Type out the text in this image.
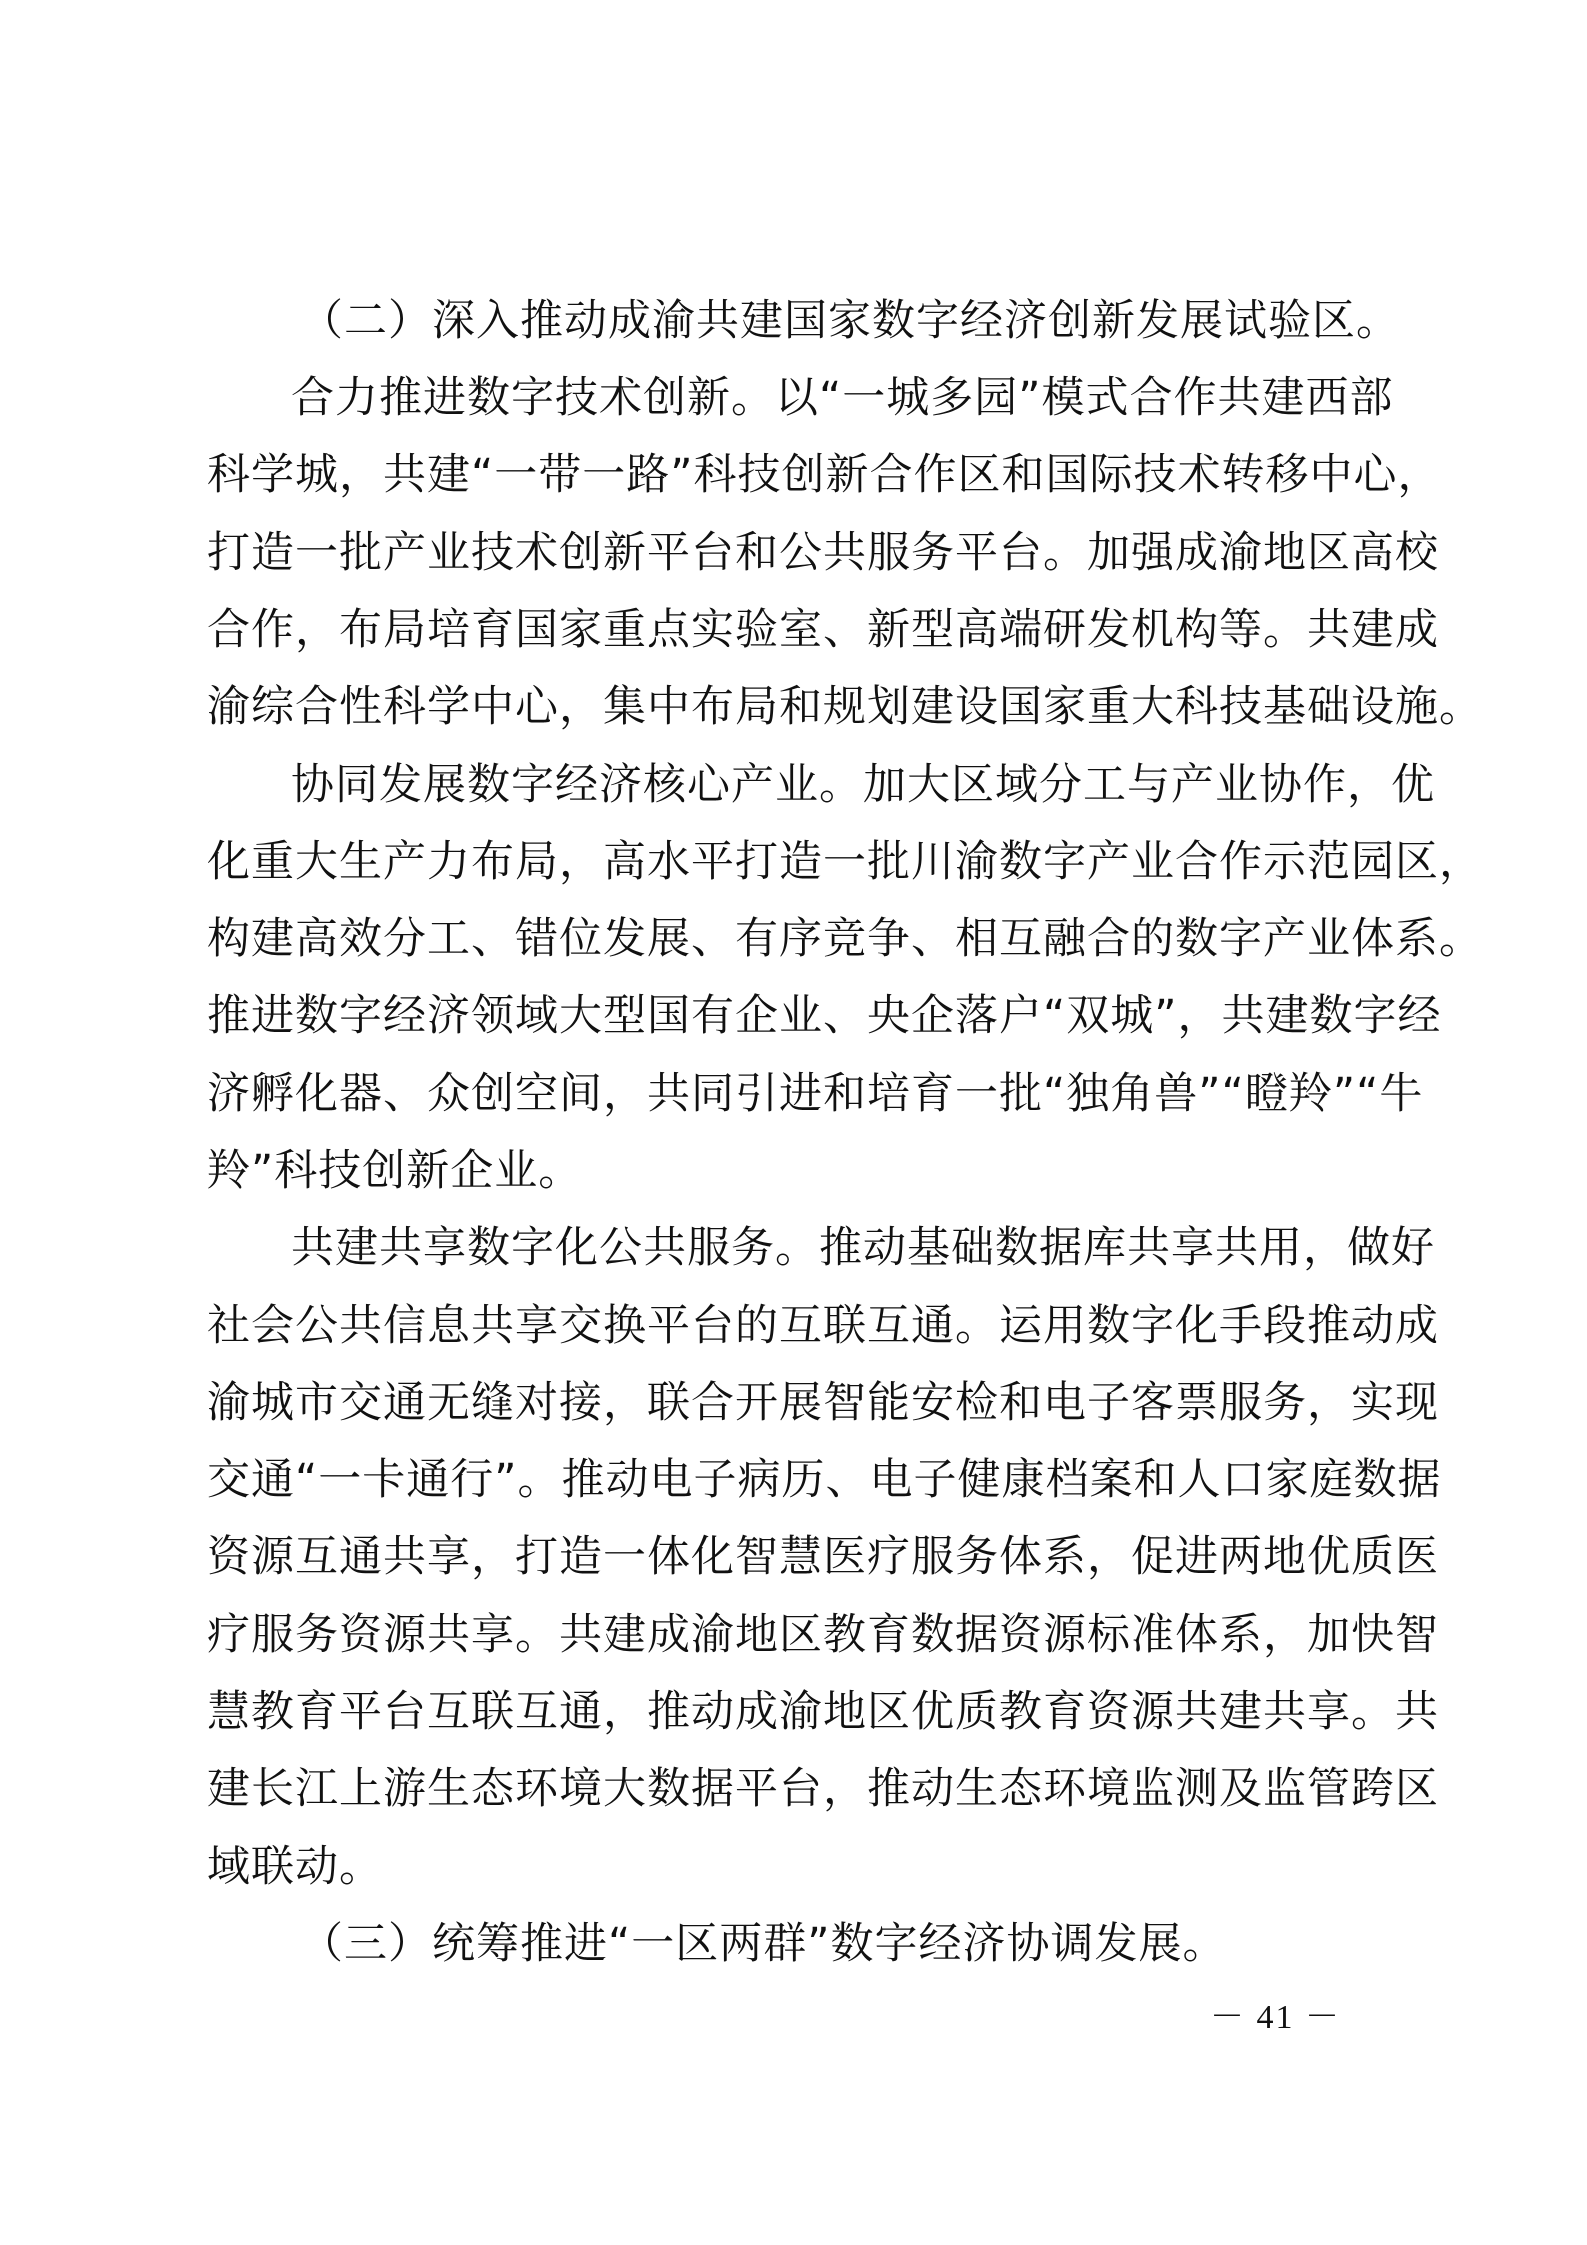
（二）深入推动成渝共建国家数字经济创新发展试验区。
合力推进数字技术创新。以“一城多园”模式合作共建西部
科学城，共建“一带一路”科技创新合作区和国际技术转移中心，
打造一批产业技术创新平台和公共服务平台。加强成渝地区高校
合作，布局培育国家重点实验室、新型高端研发机构等。共建成
渝综合性科学中心，集中布局和规划建设国家重大科技基础设施。
协同发展数字经济核心产业。加大区域分工与产业协作，优
化重大生产力布局，高水平打造一批川渝数字产业合作示范园区，
构建高效分工、错位发展、有序竞争、相互融合的数字产业体系。
推进数字经济领域大型国有企业、央企落户“双城”，共建数字经
济孵化器、众创空间，共同引进和培育一批“独角兽”“瞪羚”“牛
羚”科技创新企业。
共建共享数字化公共服务。推动基础数据库共享共用，做好
社会公共信息共享交换平台的互联互通。运用数字化手段推动成
渝城市交通无缝对接，联合开展智能安检和电子客票服务，实现
交通“一卡通行”。推动电子病历、电子健康档案和人口家庭数据
资源互通共享，打造一体化智慧医疗服务体系，促进两地优质医
疗服务资源共享。共建成渝地区教育数据资源标准体系，加快智
慧教育平台互联互通，推动成渝地区优质教育资源共建共享。共
建长江上游生态环境大数据平台，推动生态环境监测及监管跨区
域联动。
（三）统筹推进“一区两群”数字经济协调发展。
－ 41 －
